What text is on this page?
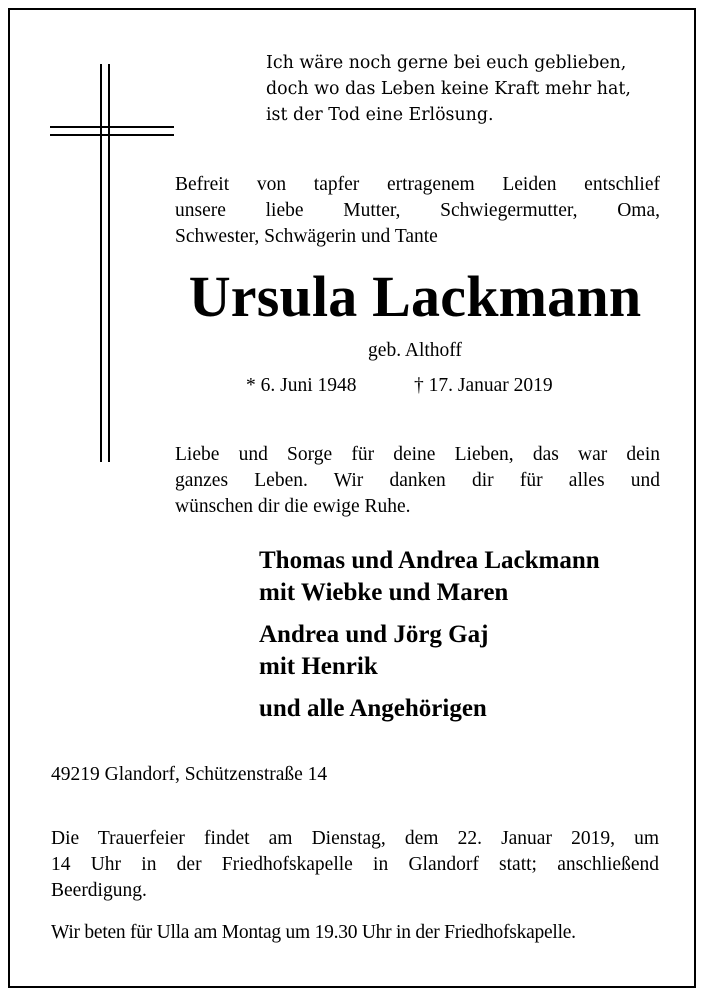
Ich wäre noch gerne bei euch geblieben,
doch wo das Leben keine Kraft mehr hat,
ist der Tod eine Erlösung.
Befreit von tapfer ertragenem Leiden entschlief
unsere liebe Mutter, Schwiegermutter, Oma,
Schwester, Schwägerin und Tante
Ursula Lackmann
geb. Althoff
* 6. Juni 1948	† 17. Januar 2019
Liebe und Sorge für deine Lieben, das war dein
ganzes Leben. Wir danken dir für alles und
wünschen dir die ewige Ruhe.
Thomas und Andrea Lackmann
mit Wiebke und Maren
Andrea und Jörg Gaj
mit Henrik
und alle Angehörigen
49219 Glandorf, Schützenstraße 14
Die Trauerfeier findet am Dienstag, dem 22. Januar 2019, um
14 Uhr in der Friedhofskapelle in Glandorf statt; anschließend
Beerdigung.
Wir beten für Ulla am Montag um 19.30 Uhr in der Friedhofskapelle.
